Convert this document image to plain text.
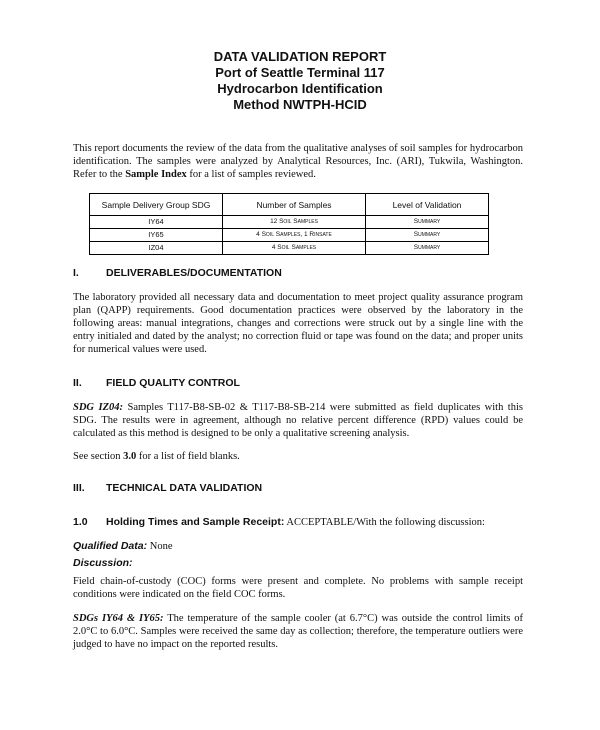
DATA VALIDATION REPORT
Port of Seattle Terminal 117
Hydrocarbon Identification
Method NWTPH-HCID
This report documents the review of the data from the qualitative analyses of soil samples for hydrocarbon identification. The samples were analyzed by Analytical Resources, Inc. (ARI), Tukwila, Washington. Refer to the Sample Index for a list of samples reviewed.
Sample Delivery Group SDG	Number of Samples	Level of Validation
IY64	12 Soil Samples	Summary
IY65	4 Soil Samples, 1 Rinsate	Summary
IZ04	4 Soil Samples	Summary
I.	DELIVERABLES/DOCUMENTATION
The laboratory provided all necessary data and documentation to meet project quality assurance program plan (QAPP) requirements. Good documentation practices were observed by the laboratory in the following areas: manual integrations, changes and corrections were struck out by a single line with the entry initialed and dated by the analyst; no correction fluid or tape was found on the data; and proper units for numerical values were used.
II. FIELD QUALITY CONTROL
SDG IZ04: Samples T117-B8-SB-02 & T117-B8-SB-214 were submitted as field duplicates with this SDG. The results were in agreement, although no relative percent difference (RPD) values could be calculated as this method is designed to be only a qualitative screening analysis.
See section 3.0 for a list of field blanks.
III. TECHNICAL DATA VALIDATION
1.0 Holding Times and Sample Receipt: ACCEPTABLE/With the following discussion:
Qualified Data: None
Discussion:
Field chain-of-custody (COC) forms were present and complete. No problems with sample receipt conditions were indicated on the field COC forms.
SDGs IY64 & IY65: The temperature of the sample cooler (at 6.7°C) was outside the control limits of 2.0°C to 6.0°C. Samples were received the same day as collection; therefore, the temperature outliers were judged to have no impact on the reported results.
